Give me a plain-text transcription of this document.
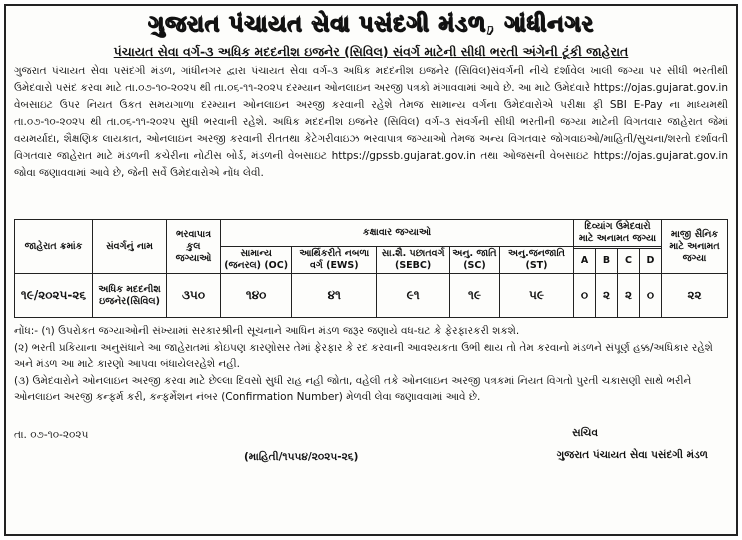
ગુજરાત પંચાયત સેવા પસંદગી મંડળ, ગાંધીનગર
પંચાયત સેવા વર્ગ-૩ અધિક મદદનીશ ઇજનેર (સિવિલ) સંવર્ગ માટેની સીધી ભરતી અંગેની ટૂંકી જાહેરાત
ગુજરાત પંચાયત સેવા પસંદગી મંડળ, ગાંધીનગર દ્વારા પંચાયત સેવા વર્ગ-૩ અધિક મદદનીશ ઇજનેર (સિવિલ)સંવર્ગની નીચે દર્શાવેલ ખાલી જગ્યા પર સીધી ભરતીથી ઉમેદવારો પસંદ કરવા માટે તા.૦૭-૧૦-૨૦૨૫ થી તા.૦૬-૧૧-૨૦૨૫ દરમ્યાન ઓનલાઇન અરજી પત્રકો મંગાવવામાં આવે છે. આ માટે ઉમેદવારે https://ojas.gujarat.gov.in વેબસાઇટ ઉપર નિયત ઉકત સમયગાળા દરમ્યાન ઓનલાઇન અરજી કરવાની રહેશે તેમજ સામાન્ય વર્ગના ઉમેદવારોએ પરીક્ષા ફી SBI E-Pay ના માધ્યમથી તા.૦૭-૧૦-૨૦૨૫ થી તા.૦૬-૧૧-૨૦૨૫ સુધી ભરવાની રહેશે. અધિક મદદનીશ ઇજનેર (સિવિલ) વર્ગ-૩ સંવર્ગની સીધી ભરતીની જગ્યા માટેની વિગતવાર જાહેરાત જેમાં વયમર્યાદા, શૈક્ષણિક લાયકાત, ઓનલાઇન અરજી કરવાની રીતતથા કેટેગરીવાઇઝ ભરવાપાત્ર જગ્યાઓ તેમજ અન્ય વિગતવાર જોગવાઇઓ/માહિતી/સુચના/શરતો દર્શાવતી વિગતવાર જાહેરાત માટે મંડળની કચેરીના નોટીસ બોર્ડ, મંડળની વેબસાઇટ https://gpssb.gujarat.gov.in તથા ઓજસની વેબસાઇટ https://ojas.gujarat.gov.in જોવા જણાવવામાં આવે છે, જેની સર્વે ઉમેદવારોએ નોંધ લેવી.
જાહેરાત ક્રમાંક	સંવર્ગનું નામ	ભરવાપાત્ર કુલ જગ્યાઓ	કક્ષાવાર જગ્યાઓ					દિવ્યાંગ ઉમેદવારો માટે અનામત જગ્યા				માજી સૈનિક માટે અનામત જગ્યા
			સામાન્ય (જનરલ) (OC)	આર્થિકરીતે નબળા વર્ગ (EWS)	સા.શૈ. પછાતવર્ગ (SEBC)	અનુ. જાતિ (SC)	અનુ.જનજાતિ (ST)					
								A	B	C	D	
૧૯/૨૦૨૫-૨૬	અધિક મદદનીશ ઇજનેર(સિવિલ)	૩૫૦	૧૪૦	૪૧	૯૧	૧૯	૫૯	૦	૨	૨	૦	૨૨

નોંધ:- (૧) ઉપરોકત જગ્યાઓની સંખ્યામાં સરકારશ્રીની સૂચનાને આધિન મંડળ જરૂર જણાયે વધ-ઘટ કે ફેરફારકરી શકશે.

(૨) ભરતી પ્રકિયાના અનુસંધાને આ જાહેરાતમાં કોઇપણ કારણોસર તેમાં ફેરફાર કે રદ કરવાની આવશ્યકતા ઉભી થાય તો તેમ કરવાનો મંડળને સંપૂર્ણ હક્ક/અધિકાર રહેશે અને મંડળ આ માટે કારણો આપવા બંધાયેલરહેશે નહી.

(૩) ઉમેદવારોને ઓનલાઇન અરજી કરવા માટે છેલ્લા દિવસો સુધી રાહ નહી જોતા, વહેલી તકે ઓનલાઇન અરજી પત્રકમાં નિયત વિગતો પુરતી ચકાસણી સાથે ભરીને ઓનલાઇન અરજી કન્ફર્મ કરી, કન્ફર્મેશન નંબર (Confirmation Number) મેળવી લેવા જણાવવામાં આવે છે.

તા. ૦૭-૧૦-૨૦૨૫	સચિવ
(માહિતી/૧૫૫૪/૨૦૨૫-૨૬)	ગુજરાત પંચાયત સેવા પસંદગી મંડળ
